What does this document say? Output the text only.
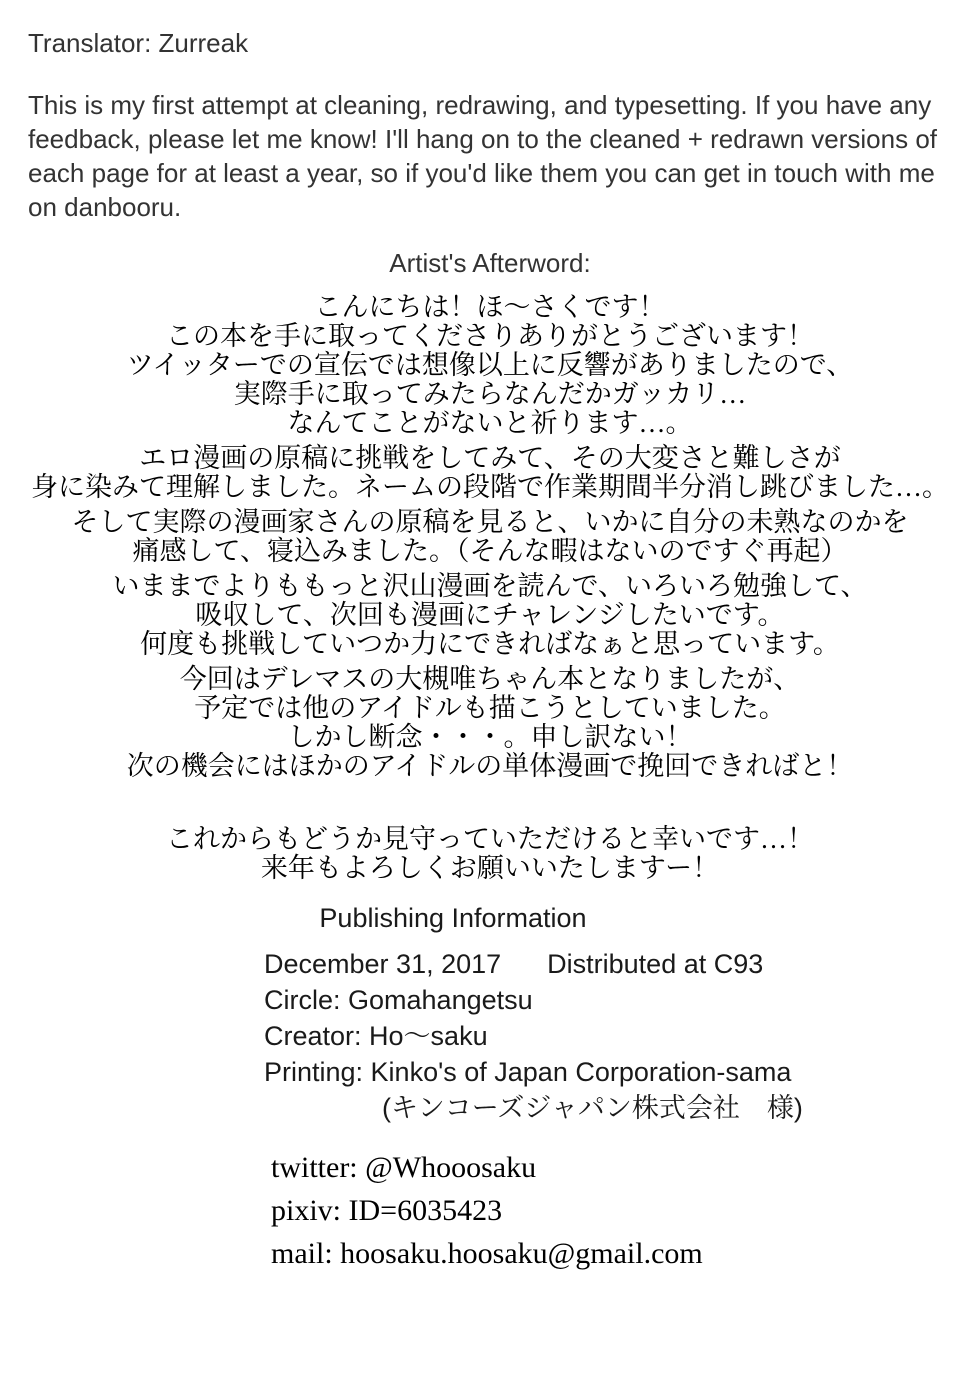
Translator: Zurreak
This is my first attempt at cleaning, redrawing, and typesetting. If you have any
feedback, please let me know! I'll hang on to the cleaned + redrawn versions of
each page for at least a year, so if you'd like them you can get in touch with me
on danbooru.
Artist's Afterword:
こんにちは！ほ〜さくです！
この本を手に取ってくださりありがとうございます！
ツイッターでの宣伝では想像以上に反響がありましたので、
実際手に取ってみたらなんだかガッカリ…
なんてことがないと祈ります…。
エロ漫画の原稿に挑戦をしてみて、その大変さと難しさが
身に染みて理解しました。ネームの段階で作業期間半分消し跳びました…。
そして実際の漫画家さんの原稿を見ると、いかに自分の未熟なのかを
痛感して、寝込みました。（そんな暇はないのですぐ再起）
いままでよりももっと沢山漫画を読んで、いろいろ勉強して、
吸収して、次回も漫画にチャレンジしたいです。
何度も挑戦していつか力にできればなぁと思っています。
今回はデレマスの大槻唯ちゃん本となりましたが、
予定では他のアイドルも描こうとしていました。
しかし断念・・・。申し訳ない！
次の機会にはほかのアイドルの単体漫画で挽回できればと！
これからもどうか見守っていただけると幸いです…！
来年もよろしくお願いいたしますー！
Publishing Information
December 31, 2017 Distributed at C93
Circle: Gomahangetsu
Creator: Ho〜saku
Printing: Kinko's of Japan Corporation-sama
(キンコーズジャパン株式会社　様)
twitter: @Whooosaku
pixiv: ID=6035423
mail: hoosaku.hoosaku@gmail.com
